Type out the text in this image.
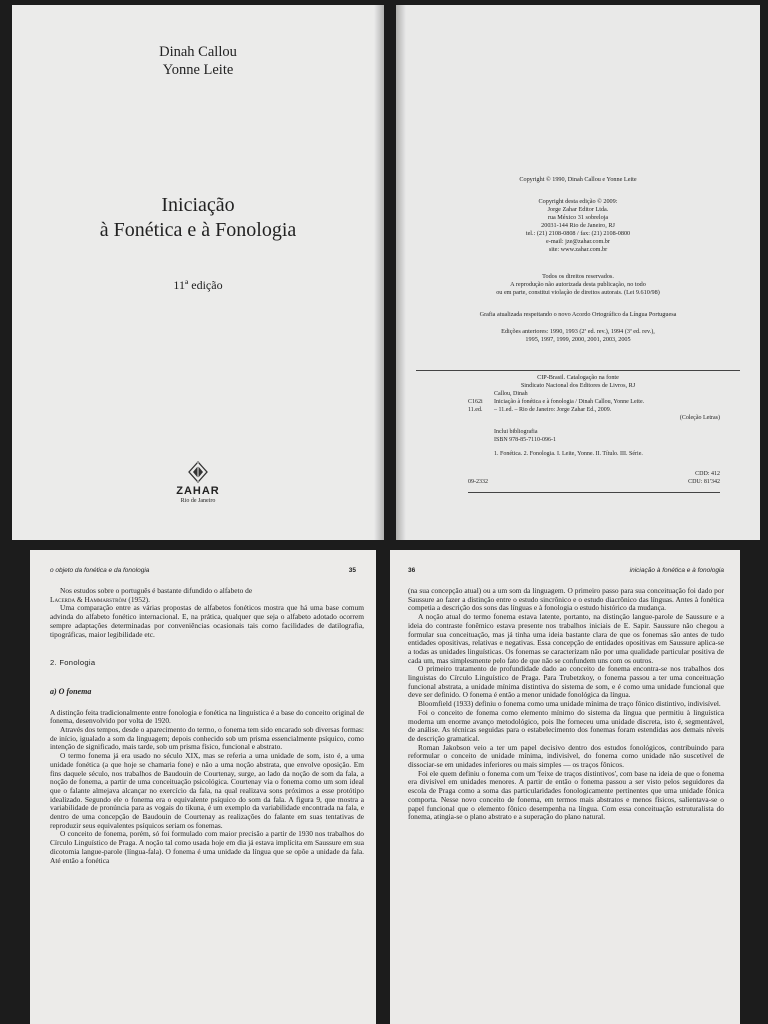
Dinah Callou
Yonne Leite
Iniciação
à Fonética e à Fonologia
11ª edição
ZAHAR
Rio de Janeiro
Copyright © 1990, Dinah Callou e Yonne Leite
Copyright desta edição © 2009:
Jorge Zahar Editor Ltda.
rua México 31 sobreloja
20031-144 Rio de Janeiro, RJ
tel.: (21) 2108-0808 / fax: (21) 2108-0800
e-mail: jze@zahar.com.br
site: www.zahar.com.br
Todos os direitos reservados.
A reprodução não autorizada desta publicação, no todo
ou em parte, constitui violação de direitos autorais. (Lei 9.610/98)
Grafia atualizada respeitando o novo Acordo Ortográfico da Língua Portuguesa
Edições anteriores: 1990, 1993 (2ª ed. rev.), 1994 (3ª ed. rev.),
1995, 1997, 1999, 2000, 2001, 2003, 2005
CIP-Brasil. Catalogação na fonte
Sindicato Nacional dos Editores de Livros, RJ
Callou, Dinah
C162i	Iniciação à fonética e à fonologia / Dinah Callou, Yonne Leite.
11.ed.	– 11.ed. – Rio de Janeiro: Jorge Zahar Ed., 2009.
(Coleção Letras)
Inclui bibliografia
ISBN 978-85-7110-096-1
1. Fonética. 2. Fonologia. I. Leite, Yonne. II. Título. III. Série.
CDD: 412
09-2332	CDU: 81'342
o objeto da fonética e da fonologia	35

Nos estudos sobre o português é bastante difundido o alfabeto de
Lacerda & Hammarström (1952).

Uma comparação entre as várias propostas de alfabetos fonéticos mostra que há uma base comum advinda do alfabeto fonético internacional. E, na prática, qualquer que seja o alfabeto adotado ocorrem sempre adaptações determinadas por conveniências ocasionais tais como facilidades de datilografia, tipográficas, maior legibilidade etc.

2. Fonologia
a) O fonema

A distinção feita tradicionalmente entre fonologia e fonética na linguística é a base do conceito original de fonema, desenvolvido por volta de 1920.

Através dos tempos, desde o aparecimento do termo, o fonema tem sido encarado sob diversas formas: de início, igualado a som da linguagem; depois conhecido sob um prisma essencialmente psíquico, como intenção de significado, mais tarde, sob um prisma físico, funcional e abstrato.

O termo fonema já era usado no século XIX, mas se referia a uma unidade de som, isto é, a uma unidade fonética (a que hoje se chamaria fone) e não a uma noção abstrata, que envolve oposição. Em fins daquele século, nos trabalhos de Baudouin de Courtenay, surge, ao lado da noção de som da fala, a noção de fonema, a partir de uma conceituação psicológica. Courtenay via o fonema como um som ideal que o falante almejava alcançar no exercício da fala, na qual realizava sons próximos a esse protótipo idealizado. Segundo ele o fonema era o equivalente psíquico do som da fala. A figura 9, que mostra a variabilidade de pronúncia para as vogais do tikuna, é um exemplo da variabilidade encontrada na fala, e dentro de uma concepção de Baudouin de Courtenay as realizações do falante em suas tentativas de reproduzir seus equivalentes psíquicos seriam os fonemas.

O conceito de fonema, porém, só foi formulado com maior precisão a partir de 1930 nos trabalhos do Círculo Linguístico de Praga. A noção tal como usada hoje em dia já estava implícita em Saussure em sua dicotomia langue-parole (língua-fala). O fonema é uma unidade da língua que se opõe a unidade da fala. Até então a fonética

36	iniciação à fonética e à fonologia

(na sua concepção atual) ou a um som da linguagem. O primeiro passo para sua conceituação foi dado por Saussure ao fazer a distinção entre o estudo sincrônico e o estudo diacrônico das línguas. Antes à fonética competia a descrição dos sons das línguas e à fonologia o estudo histórico da mudança.

A noção atual do termo fonema estava latente, portanto, na distinção langue-parole de Saussure e a ideia do contraste fonêmico estava presente nos trabalhos iniciais de E. Sapir. Saussure não chegou a formular sua conceituação, mas já tinha uma ideia bastante clara de que os fonemas são antes de tudo entidades opositivas, relativas e negativas. Essa concepção de entidades opositivas em Saussure aplica-se a todas as unidades linguísticas. Os fonemas se caracterizam não por uma qualidade particular positiva de cada um, mas simplesmente pelo fato de que não se confundem uns com os outros.

O primeiro tratamento de profundidade dado ao conceito de fonema encontra-se nos trabalhos dos linguistas do Círculo Linguístico de Praga. Para Trubetzkoy, o fonema passou a ter uma conceituação funcional abstrata, a unidade mínima distintiva do sistema de som, e é como uma unidade funcional que deve ser definido. O fonema é então a menor unidade fonológica da língua.

Bloomfield (1933) definiu o fonema como uma unidade mínima de traço fônico distintivo, indivisível.

Foi o conceito de fonema como elemento mínimo do sistema da língua que permitiu à linguística moderna um enorme avanço metodológico, pois lhe forneceu uma unidade discreta, isto é, segmentável, de análise. As técnicas seguidas para o estabelecimento dos fonemas foram estendidas aos demais níveis de descrição gramatical.

Roman Jakobson veio a ter um papel decisivo dentro dos estudos fonológicos, contribuindo para reformular o conceito de unidade mínima, indivisível, do fonema como unidade não suscetível de dissociar-se em unidades inferiores ou mais simples — os traços fônicos.

Foi ele quem definiu o fonema com um 'feixe de traços distintivos', com base na ideia de que o fonema era divisível em unidades menores. A partir de então o fonema passou a ser visto pelos seguidores da escola de Praga como a soma das particularidades fonologicamente pertinentes que uma unidade fônica comporta. Nesse novo conceito de fonema, em termos mais abstratos e menos físicos, salientava-se o papel funcional que o elemento fônico desempenha na língua. Com essa conceituação estruturalista do fonema, atingia-se o plano abstrato e a superação do plano natural.
